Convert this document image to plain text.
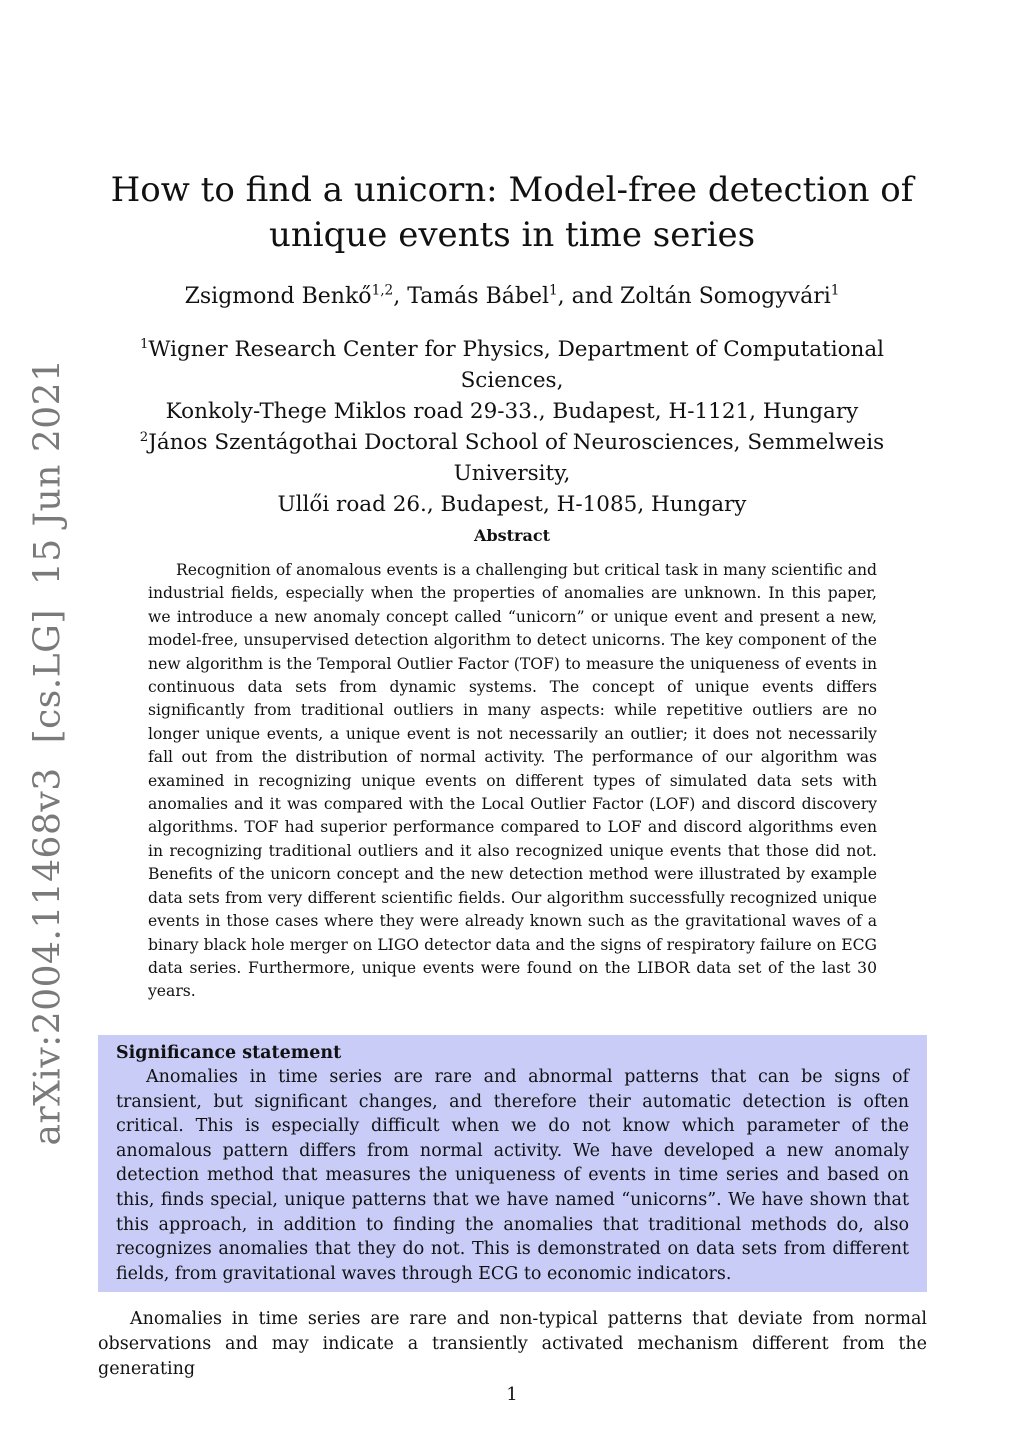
arXiv:2004.11468v3 [cs.LG] 15 Jun 2021
How to find a unicorn: Model-free detection of unique events in time series
Zsigmond Benkő$^{1,2}$, Tamás Bábel$^1$, and Zoltán Somogyvári$^1$
$^1$Wigner Research Center for Physics, Department of Computational Sciences,
Konkoly-Thege Miklos road 29-33., Budapest, H-1121, Hungary
$^2$János Szentágothai Doctoral School of Neurosciences, Semmelweis University,
Ullői road 26., Budapest, H-1085, Hungary
Abstract

Recognition of anomalous events is a challenging but critical task in many scientific and industrial fields, especially when the properties of anomalies are unknown. In this paper, we introduce a new anomaly concept called “unicorn” or unique event and present a new, model-free, unsupervised detection algorithm to detect unicorns. The key component of the new algorithm is the Temporal Outlier Factor (TOF) to measure the uniqueness of events in continuous data sets from dynamic systems. The concept of unique events differs significantly from traditional outliers in many aspects: while repetitive outliers are no longer unique events, a unique event is not necessarily an outlier; it does not necessarily fall out from the distribution of normal activity. The performance of our algorithm was examined in recognizing unique events on different types of simulated data sets with anomalies and it was compared with the Local Outlier Factor (LOF) and discord discovery algorithms. TOF had superior performance compared to LOF and discord algorithms even in recognizing traditional outliers and it also recognized unique events that those did not. Benefits of the unicorn concept and the new detection method were illustrated by example data sets from very different scientific fields. Our algorithm successfully recognized unique events in those cases where they were already known such as the gravitational waves of a binary black hole merger on LIGO detector data and the signs of respiratory failure on ECG data series. Furthermore, unique events were found on the LIBOR data set of the last 30 years.

Significance statement

Anomalies in time series are rare and abnormal patterns that can be signs of transient, but significant changes, and therefore their automatic detection is often critical. This is especially difficult when we do not know which parameter of the anomalous pattern differs from normal activity. We have developed a new anomaly detection method that measures the uniqueness of events in time series and based on this, finds special, unique patterns that we have named “unicorns”. We have shown that this approach, in addition to finding the anomalies that traditional methods do, also recognizes anomalies that they do not. This is demonstrated on data sets from different fields, from gravitational waves through ECG to economic indicators.

Anomalies in time series are rare and non-typical patterns that deviate from normal observations and may indicate a transiently activated mechanism different from the generating

1
